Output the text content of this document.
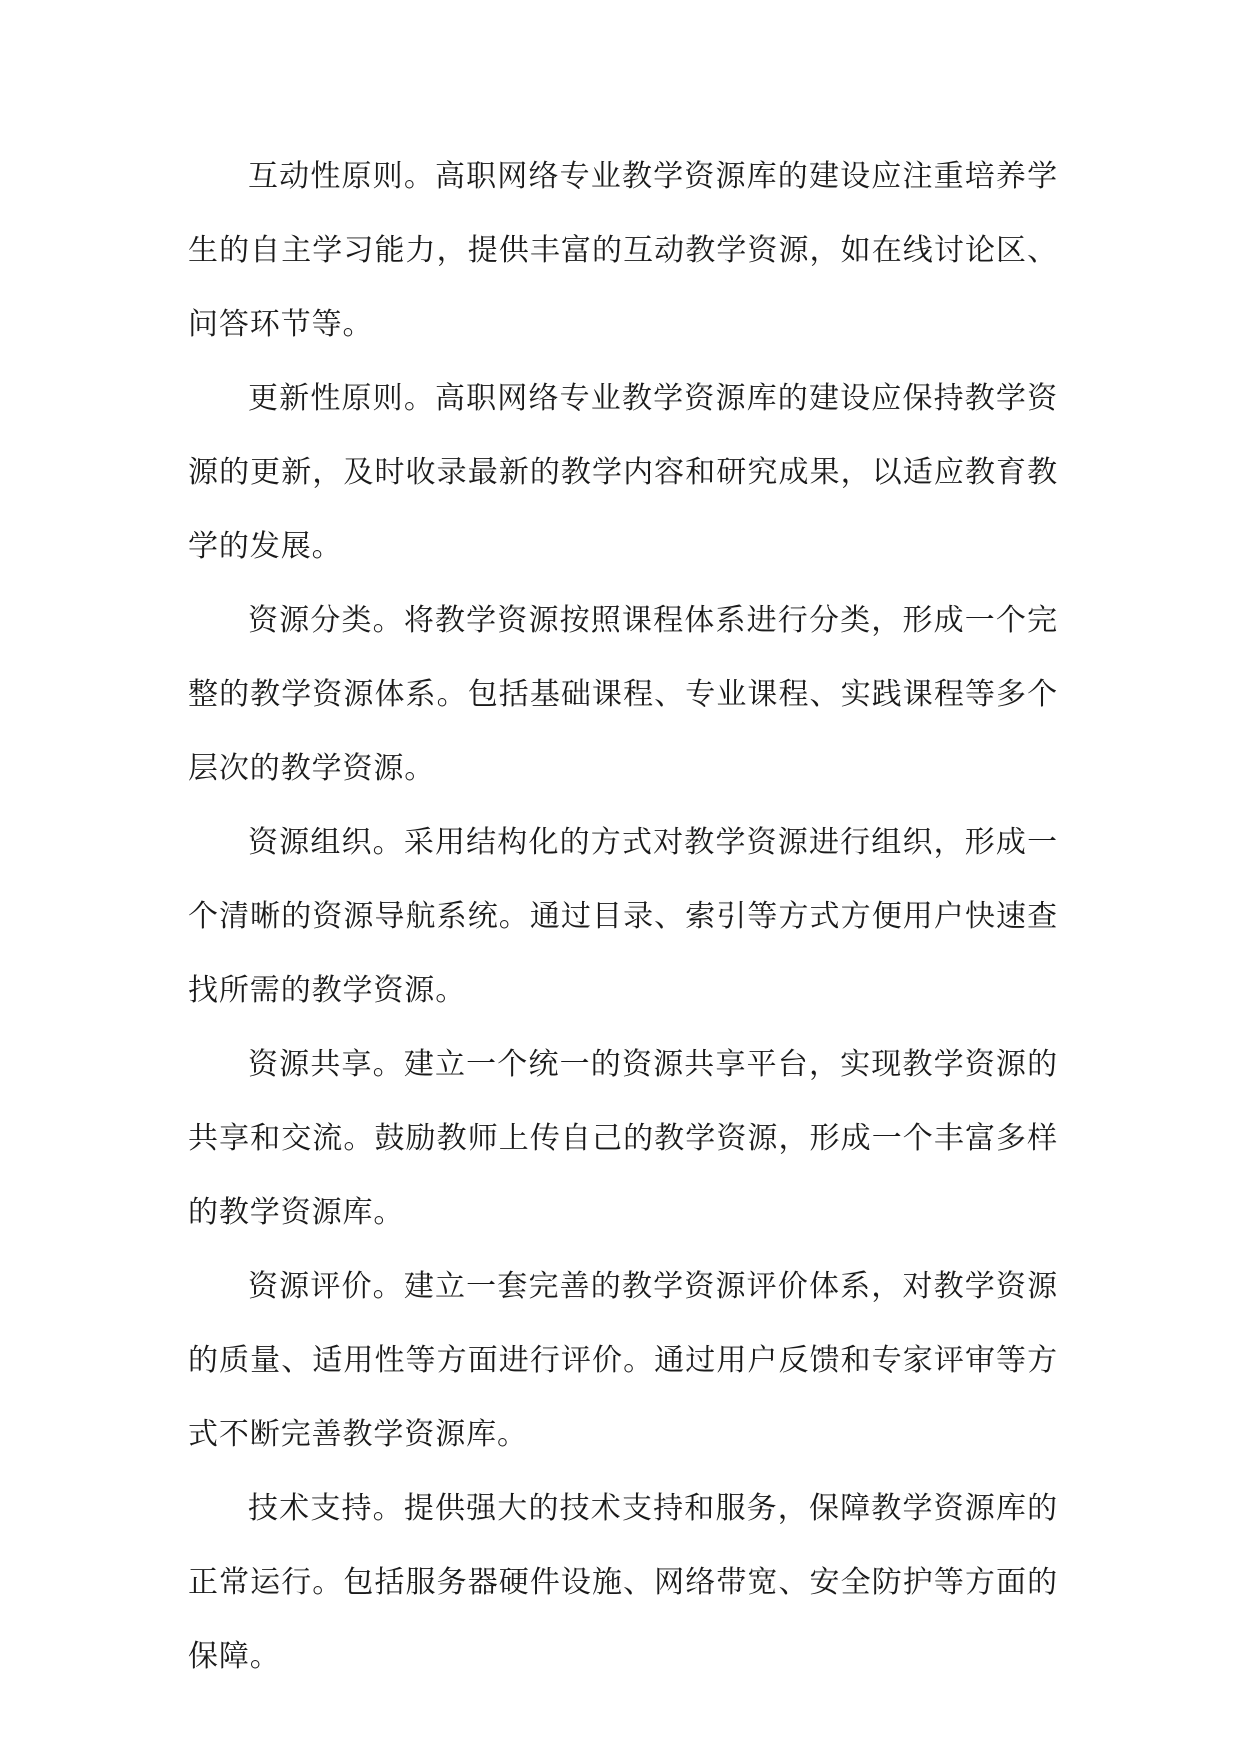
互动性原则。高职网络专业教学资源库的建设应注重培养学生的自主学习能力，提供丰富的互动教学资源，如在线讨论区、问答环节等。

更新性原则。高职网络专业教学资源库的建设应保持教学资源的更新，及时收录最新的教学内容和研究成果，以适应教育教学的发展。

资源分类。将教学资源按照课程体系进行分类，形成一个完整的教学资源体系。包括基础课程、专业课程、实践课程等多个层次的教学资源。

资源组织。采用结构化的方式对教学资源进行组织，形成一个清晰的资源导航系统。通过目录、索引等方式方便用户快速查找所需的教学资源。

资源共享。建立一个统一的资源共享平台，实现教学资源的共享和交流。鼓励教师上传自己的教学资源，形成一个丰富多样的教学资源库。

资源评价。建立一套完善的教学资源评价体系，对教学资源的质量、适用性等方面进行评价。通过用户反馈和专家评审等方式不断完善教学资源库。

技术支持。提供强大的技术支持和服务，保障教学资源库的正常运行。包括服务器硬件设施、网络带宽、安全防护等方面的保障。
